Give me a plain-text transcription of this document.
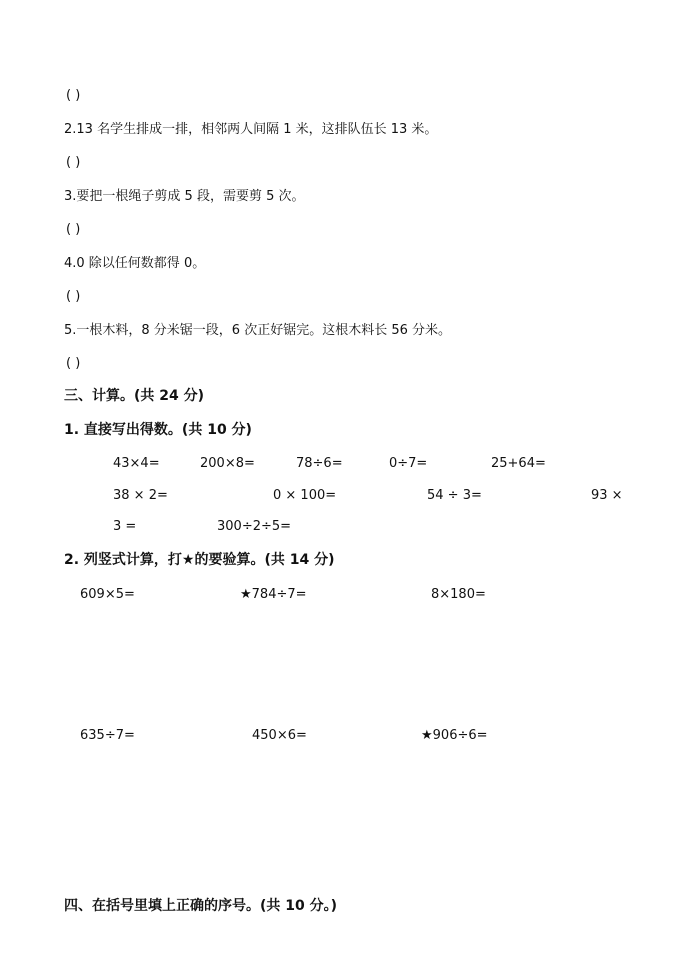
( )
2.13 名学生排成一排，相邻两人间隔 1 米，这排队伍长 13 米。
( )
3.要把一根绳子剪成 5 段，需要剪 5 次。
( )
4.0 除以任何数都得 0。
( )
5.一根木料，8 分米锯一段，6 次正好锯完。这根木料长 56 分米。
( )
三、计算。(共 24 分)
1. 直接写出得数。(共 10 分)
43×4=	200×8=	78÷6=	0÷7=	25+64=
38 × 2=	0 × 100=	54 ÷ 3=	93 ×
3 =	300÷2÷5=
2. 列竖式计算，打★的要验算。(共 14 分)
609×5=	★784÷7=	8×180=
635÷7=	450×6=	★906÷6=
四、在括号里填上正确的序号。(共 10 分。)
